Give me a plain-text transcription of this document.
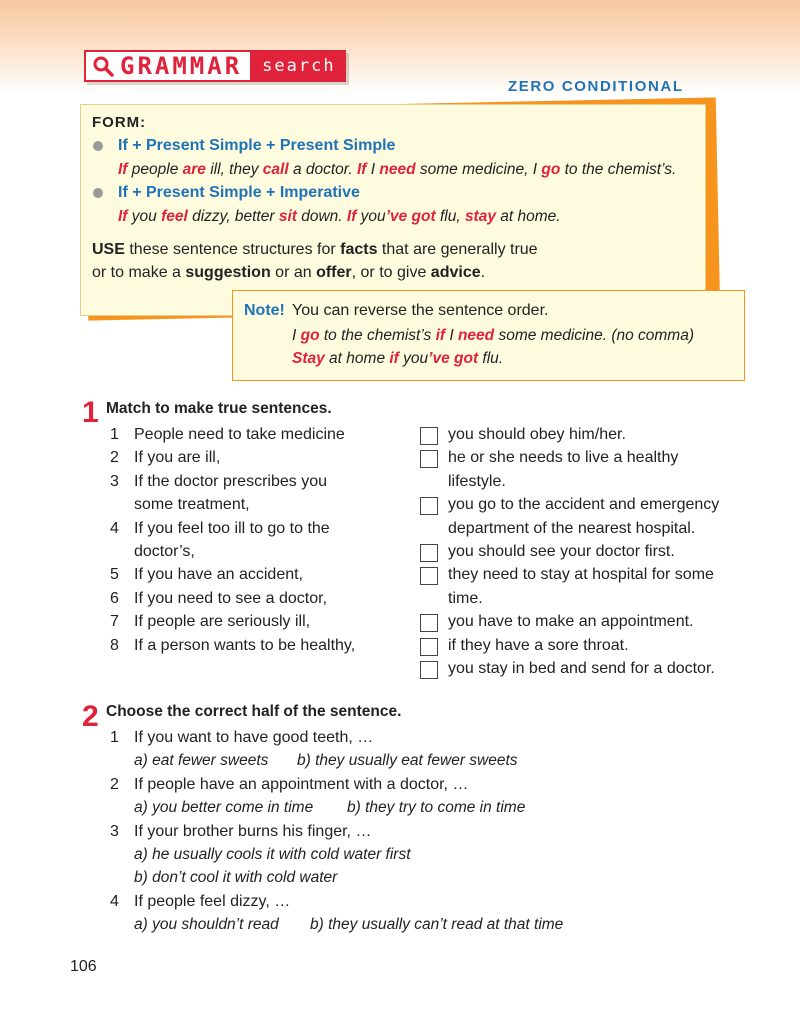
GRAMMAR	search
ZERO CONDITIONAL
FORM:
If + Present Simple + Present Simple
If people are ill, they call a doctor. If I need some medicine, I go to the chemist’s.
If + Present Simple + Imperative
If you feel dizzy, better sit down. If you’ve got flu, stay at home.
USE these sentence structures for facts that are generally true
or to make a suggestion or an offer, or to give advice.
Note! You can reverse the sentence order.
I go to the chemist’s if I need some medicine. (no comma)
Stay at home if you’ve got flu.
1 Match to make true sentences.
1 People need to take medicine
2 If you are ill,
3 If the doctor prescribes you
some treatment,
4 If you feel too ill to go to the
doctor’s,
5 If you have an accident,
6 If you need to see a doctor,
7 If people are seriously ill,
8 If a person wants to be healthy,
you should obey him/her.
he or she needs to live a healthy
lifestyle.
you go to the accident and emergency
department of the nearest hospital.
you should see your doctor first.
they need to stay at hospital for some
time.
you have to make an appointment.
if they have a sore throat.
you stay in bed and send for a doctor.
2 Choose the correct half of the sentence.
1 If you want to have good teeth, …
a) eat fewer sweets b) they usually eat fewer sweets
2 If people have an appointment with a doctor, …
a) you better come in time b) they try to come in time
3 If your brother burns his finger, …
a) he usually cools it with cold water first
b) don’t cool it with cold water
4 If people feel dizzy, …
a) you shouldn’t read b) they usually can’t read at that time
106
